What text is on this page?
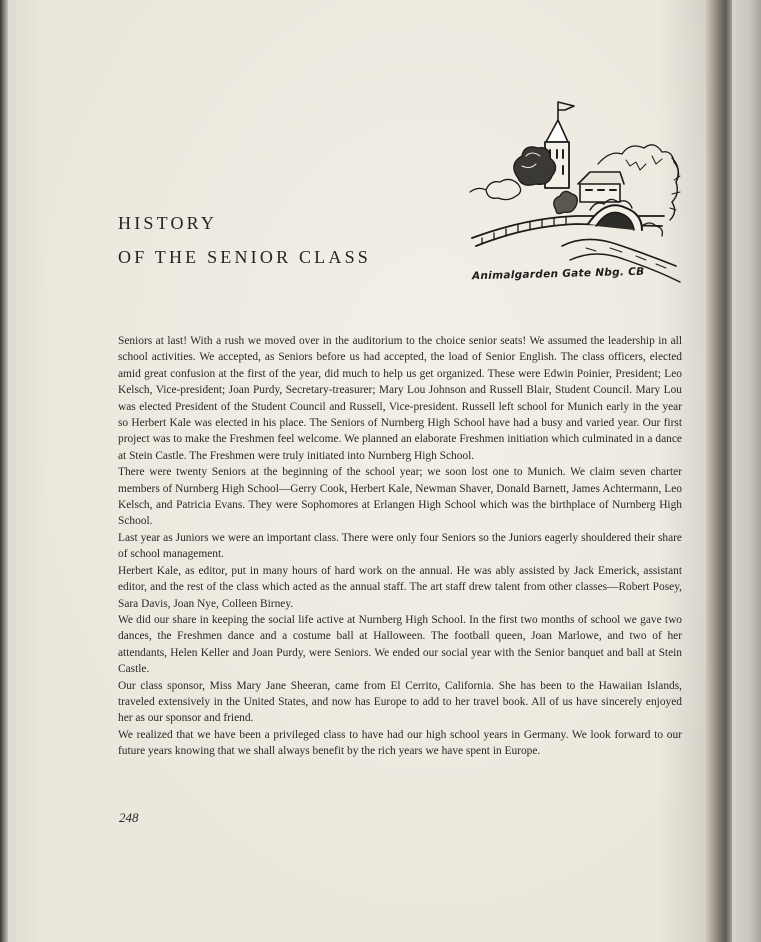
HISTORY
OF THE SENIOR CLASS
Animalgarden Gate Nbg. CB

Seniors at last! With a rush we moved over in the auditorium to the choice senior seats! We assumed the leadership in all school activities. We accepted, as Seniors before us had accepted, the load of Senior English. The class officers, elected amid great confusion at the first of the year, did much to help us get organized. These were Edwin Poinier, President; Leo Kelsch, Vice-president; Joan Purdy, Secretary-treasurer; Mary Lou Johnson and Russell Blair, Student Council. Mary Lou was elected President of the Student Council and Russell, Vice-president. Russell left school for Munich early in the year so Herbert Kale was elected in his place. The Seniors of Nurnberg High School have had a busy and varied year. Our first project was to make the Freshmen feel welcome. We planned an elaborate Freshmen initiation which culminated in a dance at Stein Castle. The Freshmen were truly initiated into Nurnberg High School.

There were twenty Seniors at the beginning of the school year; we soon lost one to Munich. We claim seven charter members of Nurnberg High School—Gerry Cook, Herbert Kale, Newman Shaver, Donald Barnett, James Achtermann, Leo Kelsch, and Patricia Evans. They were Sophomores at Erlangen High School which was the birthplace of Nurnberg High School.

Last year as Juniors we were an important class. There were only four Seniors so the Juniors eagerly shouldered their share of school management.

Herbert Kale, as editor, put in many hours of hard work on the annual. He was ably assisted by Jack Emerick, assistant editor, and the rest of the class which acted as the annual staff. The art staff drew talent from other classes—Robert Posey, Sara Davis, Joan Nye, Colleen Birney.

We did our share in keeping the social life active at Nurnberg High School. In the first two months of school we gave two dances, the Freshmen dance and a costume ball at Halloween. The football queen, Joan Marlowe, and two of her attendants, Helen Keller and Joan Purdy, were Seniors. We ended our social year with the Senior banquet and ball at Stein Castle.

Our class sponsor, Miss Mary Jane Sheeran, came from El Cerrito, California. She has been to the Hawaiian Islands, traveled extensively in the United States, and now has Europe to add to her travel book. All of us have sincerely enjoyed her as our sponsor and friend.

We realized that we have been a privileged class to have had our high school years in Germany. We look forward to our future years knowing that we shall always benefit by the rich years we have spent in Europe.

248
